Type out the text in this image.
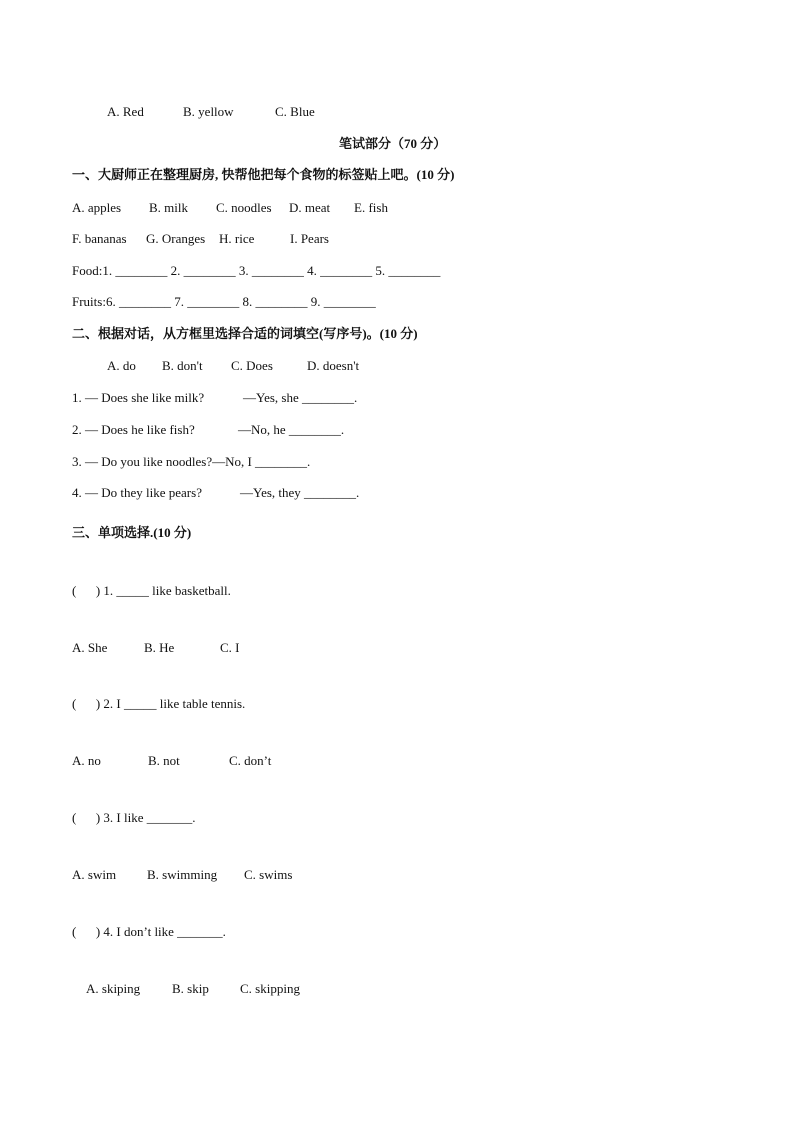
A. Red	B. yellow	C. Blue
笔试部分（70 分）
一、大厨师正在整理厨房, 快帮他把每个食物的标签贴上吧。(10 分)
A. apples B. milk C. noodles D. meat E. fish
F. bananas G. Oranges H. rice	I. Pears
Food:1. ________ 2. ________ 3. ________ 4. ________ 5. ________
Fruits:6. ________ 7. ________ 8. ________ 9. ________
二、根据对话，从方框里选择合适的词填空(写序号)。(10 分)
A. do B. don't C. Does	D. doesn't
1. — Does she like milk?	—Yes, she ________.
2. — Does he like fish?	—No, he ________.
3. — Do you like noodles?—No, I ________.
4. — Do they like pears?	—Yes, they ________.
三、单项选择.(10 分)
(      ) 1. _____ like basketball.
A. She	B. He	C. I
(      ) 2. I _____ like table tennis.
A. no	B. not	C. don’t
(      ) 3. I like _______.
A. swim B. swimming C. swims
(      ) 4. I don’t like _______.
A. skiping B. skip C. skipping
